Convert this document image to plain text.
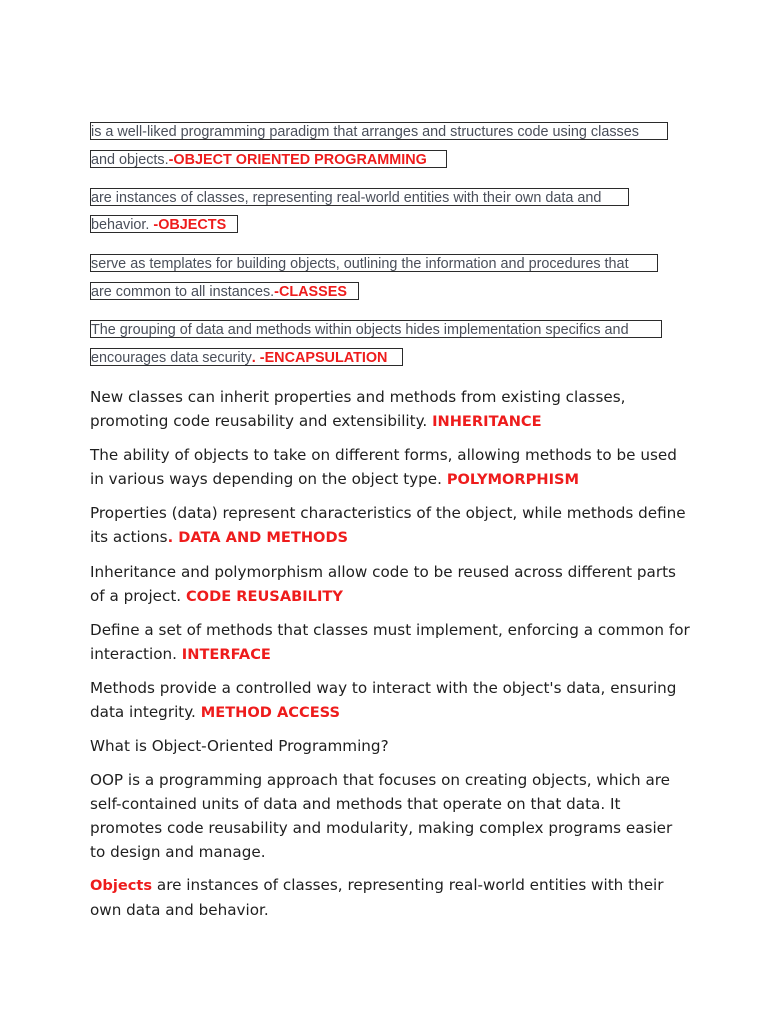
is a well-liked programming paradigm that arranges and structures code using classes
and objects.-OBJECT ORIENTED PROGRAMMING
are instances of classes, representing real-world entities with their own data and
behavior. -OBJECTS
serve as templates for building objects, outlining the information and procedures that
are common to all instances.-CLASSES
The grouping of data and methods within objects hides implementation specifics and
encourages data security. -ENCAPSULATION

New classes can inherit properties and methods from existing classes, promoting code reusability and extensibility. INHERITANCE

The ability of objects to take on different forms, allowing methods to be used in various ways depending on the object type. POLYMORPHISM

Properties (data) represent characteristics of the object, while methods define its actions. DATA AND METHODS

Inheritance and polymorphism allow code to be reused across different parts of a project. CODE REUSABILITY

Define a set of methods that classes must implement, enforcing a common for interaction. INTERFACE

Methods provide a controlled way to interact with the object's data, ensuring data integrity. METHOD ACCESS

What is Object-Oriented Programming?

OOP is a programming approach that focuses on creating objects, which are self-contained units of data and methods that operate on that data. It promotes code reusability and modularity, making complex programs easier to design and manage.

Objects are instances of classes, representing real-world entities with their own data and behavior.
